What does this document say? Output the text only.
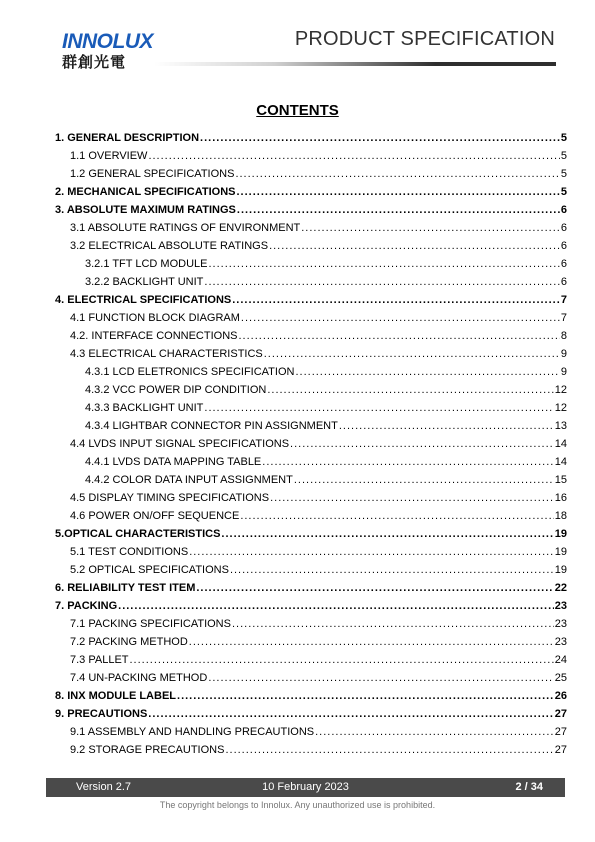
INNOLUX
群創光電
PRODUCT SPECIFICATION
CONTENTS
1. GENERAL DESCRIPTION .....	5
1.1 OVERVIEW .....	5
1.2 GENERAL SPECIFICATIONS .....	5
2. MECHANICAL SPECIFICATIONS .....	5
3. ABSOLUTE MAXIMUM RATINGS .....	6
3.1 ABSOLUTE RATINGS OF ENVIRONMENT .....	6
3.2 ELECTRICAL ABSOLUTE RATINGS .....	6
3.2.1 TFT LCD MODULE .....	6
3.2.2 BACKLIGHT UNIT .....	6
4. ELECTRICAL SPECIFICATIONS .....	7
4.1 FUNCTION BLOCK DIAGRAM .....	7
4.2. INTERFACE CONNECTIONS .....	8
4.3 ELECTRICAL CHARACTERISTICS .....	9
4.3.1 LCD ELETRONICS SPECIFICATION .....	9
4.3.2 VCC POWER DIP CONDITION .....	12
4.3.3 BACKLIGHT UNIT .....	12
4.3.4 LIGHTBAR CONNECTOR PIN ASSIGNMENT .....	13
4.4 LVDS INPUT SIGNAL SPECIFICATIONS .....	14
4.4.1 LVDS DATA MAPPING TABLE .....	14
4.4.2 COLOR DATA INPUT ASSIGNMENT .....	15
4.5 DISPLAY TIMING SPECIFICATIONS .....	16
4.6 POWER ON/OFF SEQUENCE .....	18
5.OPTICAL CHARACTERISTICS .....	19
5.1 TEST CONDITIONS .....	19
5.2 OPTICAL SPECIFICATIONS .....	19
6. RELIABILITY TEST ITEM .....	22
7. PACKING .....	23
7.1 PACKING SPECIFICATIONS .....	23
7.2 PACKING METHOD .....	23
7.3 PALLET .....	24
7.4 UN-PACKING METHOD .....	25
8. INX MODULE LABEL .....	26
9. PRECAUTIONS .....	27
9.1 ASSEMBLY AND HANDLING PRECAUTIONS .....	27
9.2 STORAGE PRECAUTIONS .....	27
Version 2.7	10 February 2023	2 / 34
The copyright belongs to Innolux. Any unauthorized use is prohibited.
